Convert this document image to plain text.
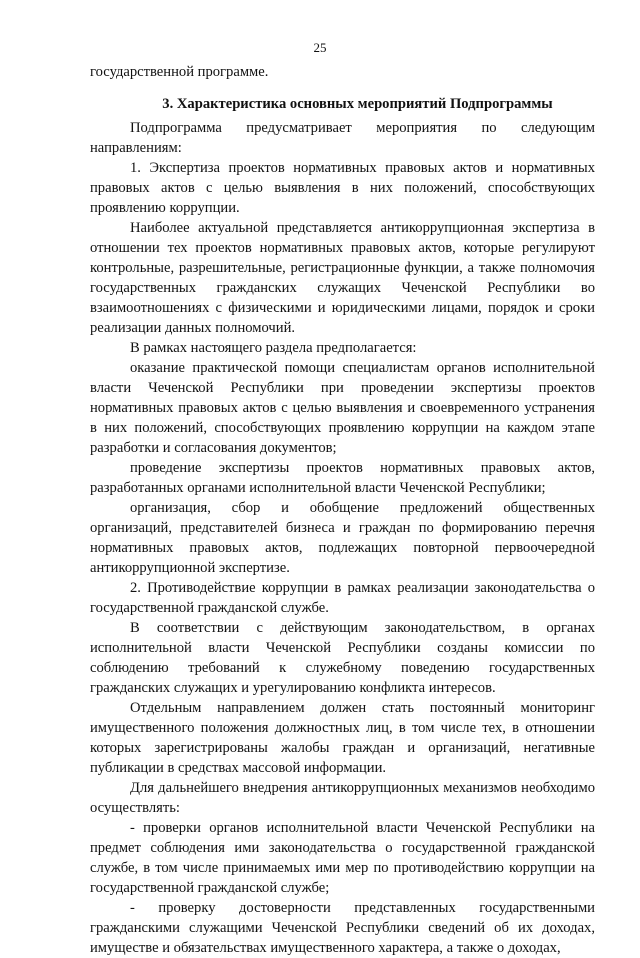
25

государственной программе.

3. Характеристика основных мероприятий Подпрограммы

Подпрограмма предусматривает мероприятия по следующим направлениям:

1. Экспертиза проектов нормативных правовых актов и нормативных правовых актов с целью выявления в них положений, способствующих проявлению коррупции.

Наиболее актуальной представляется антикоррупционная экспертиза в отношении тех проектов нормативных правовых актов, которые регулируют контрольные, разрешительные, регистрационные функции, а также полномочия государственных гражданских служащих Чеченской Республики во взаимоотношениях с физическими и юридическими лицами, порядок и сроки реализации данных полномочий.

В рамках настоящего раздела предполагается:

оказание практической помощи специалистам органов исполнительной власти Чеченской Республики при проведении экспертизы проектов нормативных правовых актов с целью выявления и своевременного устранения в них положений, способствующих проявлению коррупции на каждом этапе разработки и согласования документов;

проведение экспертизы проектов нормативных правовых актов, разработанных органами исполнительной власти Чеченской Республики;

организация, сбор и обобщение предложений общественных организаций, представителей бизнеса и граждан по формированию перечня нормативных правовых актов, подлежащих повторной первоочередной антикоррупционной экспертизе.

2. Противодействие коррупции в рамках реализации законодательства о государственной гражданской службе.

В соответствии с действующим законодательством, в органах исполнительной власти Чеченской Республики созданы комиссии по соблюдению требований к служебному поведению государственных гражданских служащих и урегулированию конфликта интересов.

Отдельным направлением должен стать постоянный мониторинг имущественного положения должностных лиц, в том числе тех, в отношении которых зарегистрированы жалобы граждан и организаций, негативные публикации в средствах массовой информации.

Для дальнейшего внедрения антикоррупционных механизмов необходимо осуществлять:

- проверки органов исполнительной власти Чеченской Республики на предмет соблюдения ими законодательства о государственной гражданской службе, в том числе принимаемых ими мер по противодействию коррупции на государственной гражданской службе;

- проверку достоверности представленных государственными гражданскими служащими Чеченской Республики сведений об их доходах, имуществе и обязательствах имущественного характера, а также о доходах,
